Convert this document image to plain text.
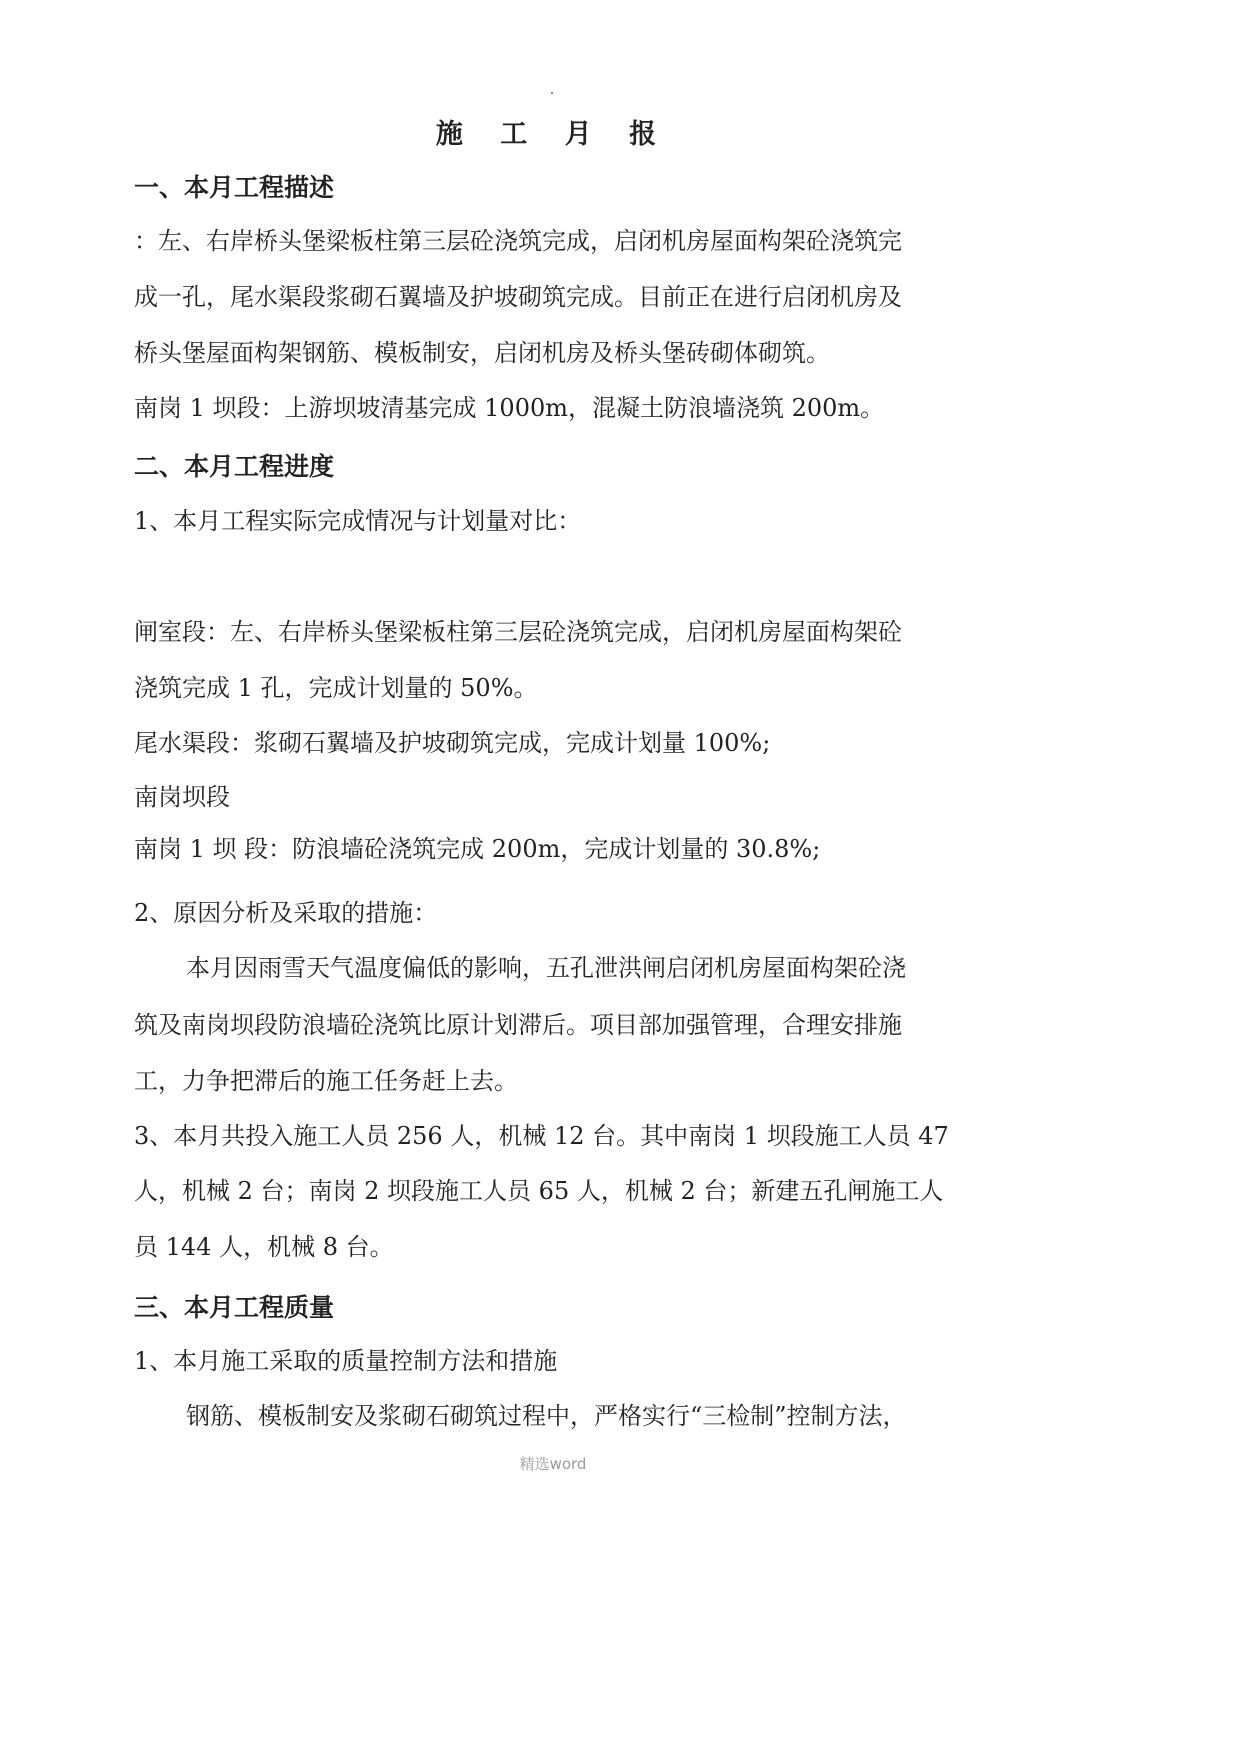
施 工 月 报
一、本月工程描述
：左、右岸桥头堡梁板柱第三层砼浇筑完成，启闭机房屋面构架砼浇筑完
成一孔，尾水渠段浆砌石翼墙及护坡砌筑完成。目前正在进行启闭机房及
桥头堡屋面构架钢筋、模板制安，启闭机房及桥头堡砖砌体砌筑。
南岗 1 坝段：上游坝坡清基完成 1000m，混凝土防浪墙浇筑 200m。
二、本月工程进度
1、本月工程实际完成情况与计划量对比：
闸室段：左、右岸桥头堡梁板柱第三层砼浇筑完成，启闭机房屋面构架砼
浇筑完成 1 孔，完成计划量的 50%。
尾水渠段：浆砌石翼墙及护坡砌筑完成，完成计划量 100%;
南岗坝段
南岗 1 坝 段：防浪墙砼浇筑完成 200m，完成计划量的 30.8%;
2、原因分析及采取的措施：
本月因雨雪天气温度偏低的影响，五孔泄洪闸启闭机房屋面构架砼浇
筑及南岗坝段防浪墙砼浇筑比原计划滞后。项目部加强管理，合理安排施
工，力争把滞后的施工任务赶上去。
3、本月共投入施工人员 256 人，机械 12 台。其中南岗 1 坝段施工人员 47
人，机械 2 台；南岗 2 坝段施工人员 65 人，机械 2 台；新建五孔闸施工人
员 144 人，机械 8 台。
三、本月工程质量
1、本月施工采取的质量控制方法和措施
钢筋、模板制安及浆砌石砌筑过程中，严格实行“三检制”控制方法，
精选word
